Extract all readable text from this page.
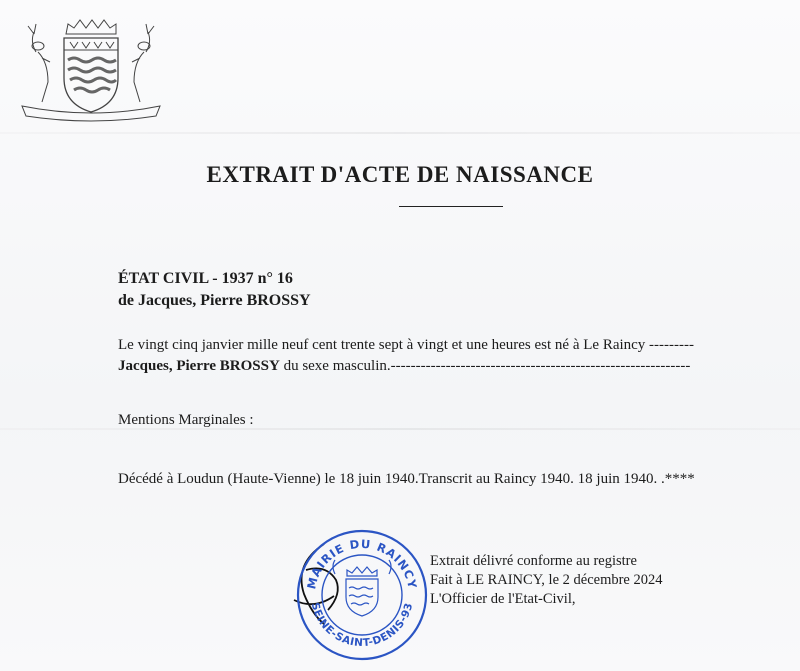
EXTRAIT D'ACTE DE NAISSANCE
ÉTAT CIVIL - 1937 n° 16
de Jacques, Pierre BROSSY
Le vingt cinq janvier mille neuf cent trente sept à vingt et une heures est né à Le Raincy ---------
Jacques, Pierre BROSSY du sexe masculin.------------------------------------------------------------
Mentions Marginales :
Décédé à Loudun (Haute-Vienne) le 18 juin 1940.Transcrit au Raincy 1940. 18 juin 1940. .****
MAIRIE DU RAINCY
SEINE-SAINT-DENIS-93
Extrait délivré conforme au registre
Fait à LE RAINCY, le 2 décembre 2024
L'Officier de l'Etat-Civil,
